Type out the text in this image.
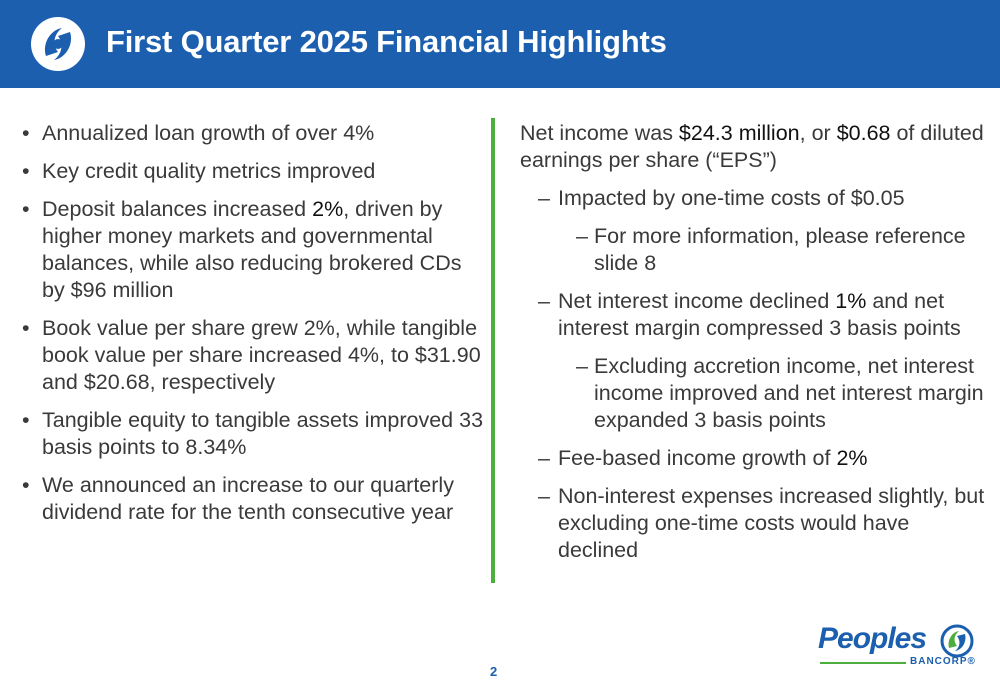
First Quarter 2025 Financial Highlights
• Annualized loan growth of over 4%
• Key credit quality metrics improved
• Deposit balances increased 2%, driven by higher money markets and governmental balances, while also reducing brokered CDs by $96 million
• Book value per share grew 2%, while tangible book value per share increased 4%, to $31.90 and $20.68, respectively
• Tangible equity to tangible assets improved 33 basis points to 8.34%
• We announced an increase to our quarterly dividend rate for the tenth consecutive year

Net income was $24.3 million, or $0.68 of diluted earnings per share (“EPS”)

– Impacted by one-time costs of $0.05
– For more information, please reference slide 8
– Net interest income declined 1% and net interest margin compressed 3 basis points
– Excluding accretion income, net interest income improved and net interest margin expanded 3 basis points
– Fee-based income growth of 2%
– Non-interest expenses increased slightly, but excluding one-time costs would have declined
2
Peoples
BANCORP®
